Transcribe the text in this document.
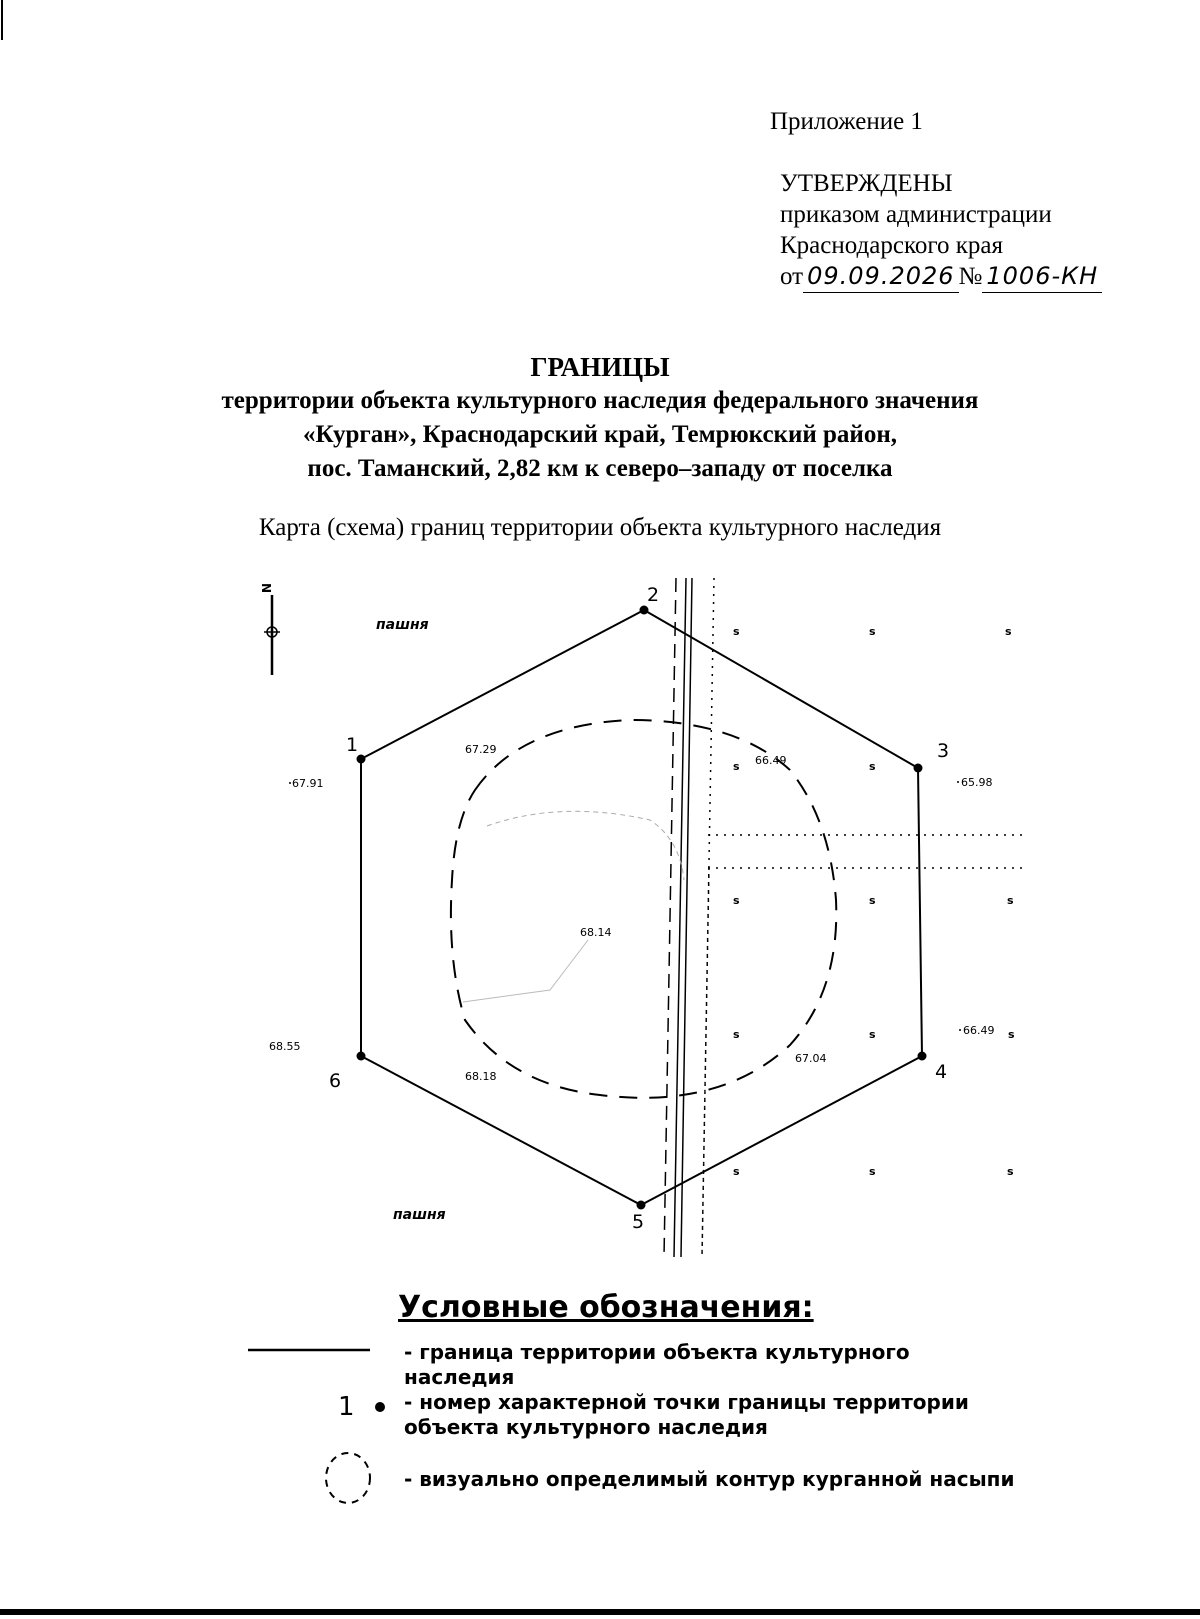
Приложение 1
УТВЕРЖДЕНЫ
приказом администрации
Краснодарского края
от 09.09.2026 № 1006-КН
ГРАНИЦЫ
территории объекта культурного наследия федерального значения
«Курган», Краснодарский край, Темрюкский район,
пос. Таманский, 2,82 км к северо–западу от поселка
Карта (схема) границ территории объекта культурного наследия
N
1
2
3
4
5
6
пашня
пашня
67.91
67.29
66.49
65.98
68.14
68.55
66.49
67.04
68.18
s	s	s
s	s
s	s	s
s	s	s
s	s	s
Условные обозначения:
- граница территории объекта культурного наследия
1 - номер характерной точки границы территории объекта культурного наследия
- визуально определимый контур курганной насыпи
